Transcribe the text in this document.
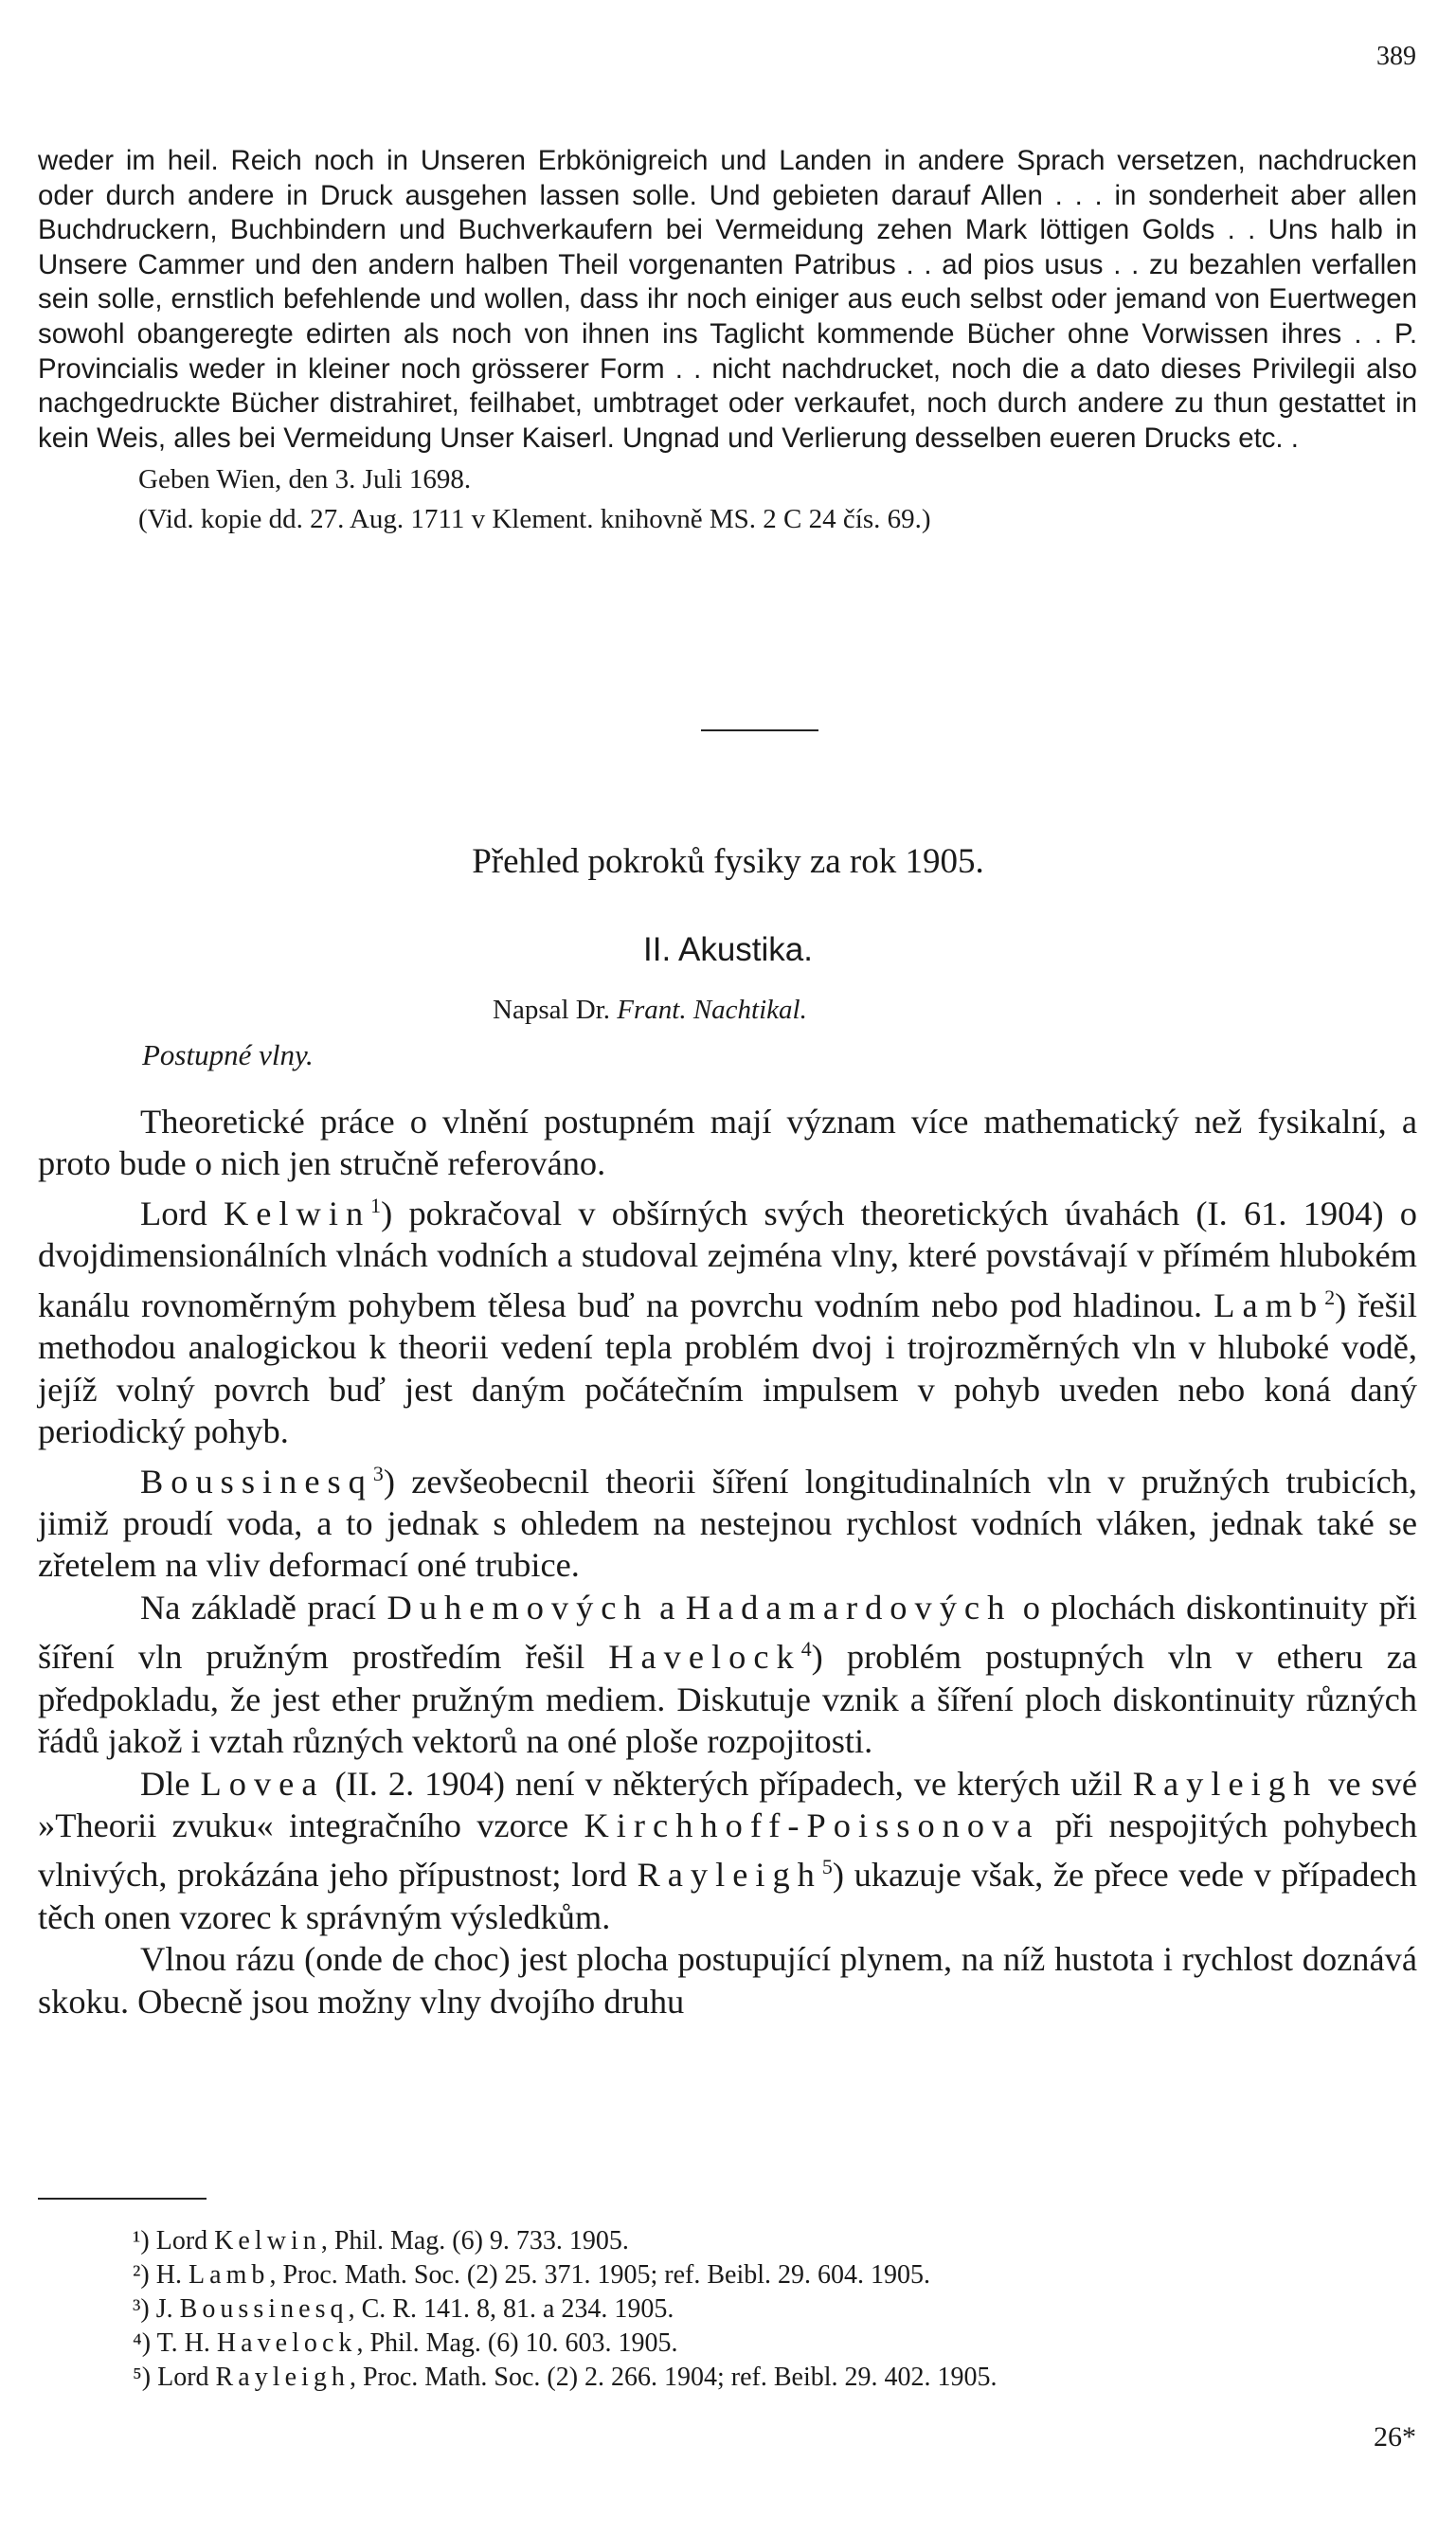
389
weder im heil. Reich noch in Unseren Erbkönigreich und Landen in andere Sprach versetzen, nachdrucken oder durch andere in Druck ausgehen lassen solle. Und gebieten darauf Allen . . . in sonderheit aber allen Buchdruckern, Buchbindern und Buchverkaufern bei Vermeidung zehen Mark löttigen Golds . . Uns halb in Unsere Cammer und den andern halben Theil vorgenanten Patribus . . ad pios usus . . zu bezahlen verfallen sein solle, ernstlich befehlende und wollen, dass ihr noch einiger aus euch selbst oder jemand von Euertwegen sowohl obangeregte edirten als noch von ihnen ins Taglicht kommende Bücher ohne Vorwissen ihres . . P. Provincialis weder in kleiner noch grösserer Form . . nicht nachdrucket, noch die a dato dieses Privilegii also nachgedruckte Bücher distrahiret, feilhabet, umbtraget oder verkaufet, noch durch andere zu thun gestattet in kein Weis, alles bei Vermeidung Unser Kaiserl. Ungnad und Verlierung desselben eueren Drucks etc. .
Geben Wien, den 3. Juli 1698.
(Vid. kopie dd. 27. Aug. 1711 v Klement. knihovně MS. 2 C 24 čís. 69.)
Přehled pokroků fysiky za rok 1905.
II. Akustika.
Napsal Dr. Frant. Nachtikal.
Postupné vlny.

Theoretické práce o vlnění postupném mají význam více mathematický než fysikalní, a proto bude o nich jen stručně referováno.

Lord Kelwin$^1$) pokračoval v obšírných svých theoretických úvahách (I. 61. 1904) o dvojdimensionálních vlnách vodních a studoval zejména vlny, které povstávají v přímém hlubokém kanálu rovnoměrným pohybem tělesa buď na povrchu vodním nebo pod hladinou. Lamb$^2$) řešil methodou analogickou k theorii vedení tepla problém dvoj i trojrozměrných vln v hluboké vodě, jejíž volný povrch buď jest daným počátečním impulsem v pohyb uveden nebo koná daný periodický pohyb.

Boussinesq$^3$) zevšeobecnil theorii šíření longitudinalních vln v pružných trubicích, jimiž proudí voda, a to jednak s ohledem na nestejnou rychlost vodních vláken, jednak také se zřetelem na vliv deformací oné trubice.

Na základě prací Duhemových a Hadamardových o plochách diskontinuity při šíření vln pružným prostředím řešil Havelock$^4$) problém postupných vln v etheru za předpokladu, že jest ether pružným mediem. Diskutuje vznik a šíření ploch diskontinuity různých řádů jakož i vztah různých vektorů na oné ploše rozpojitosti.

Dle Lovea (II. 2. 1904) není v některých případech, ve kterých užil Rayleigh ve své »Theorii zvuku« integračního vzorce Kirchhoff-Poissonova při nespojitých pohybech vlnivých, prokázána jeho přípustnost; lord Rayleigh$^5$) ukazuje však, že přece vede v případech těch onen vzorec k správným výsledkům.

Vlnou rázu (onde de choc) jest plocha postupující plynem, na níž hustota i rychlost doznává skoku. Obecně jsou možny vlny dvojího druhu

¹) Lord Kelwin, Phil. Mag. (6) 9. 733. 1905.
²) H. Lamb, Proc. Math. Soc. (2) 25. 371. 1905; ref. Beibl. 29. 604. 1905.
³) J. Boussinesq, C. R. 141. 8, 81. a 234. 1905.
⁴) T. H. Havelock, Phil. Mag. (6) 10. 603. 1905.
⁵) Lord Rayleigh, Proc. Math. Soc. (2) 2. 266. 1904; ref. Beibl. 29. 402. 1905.
26*
